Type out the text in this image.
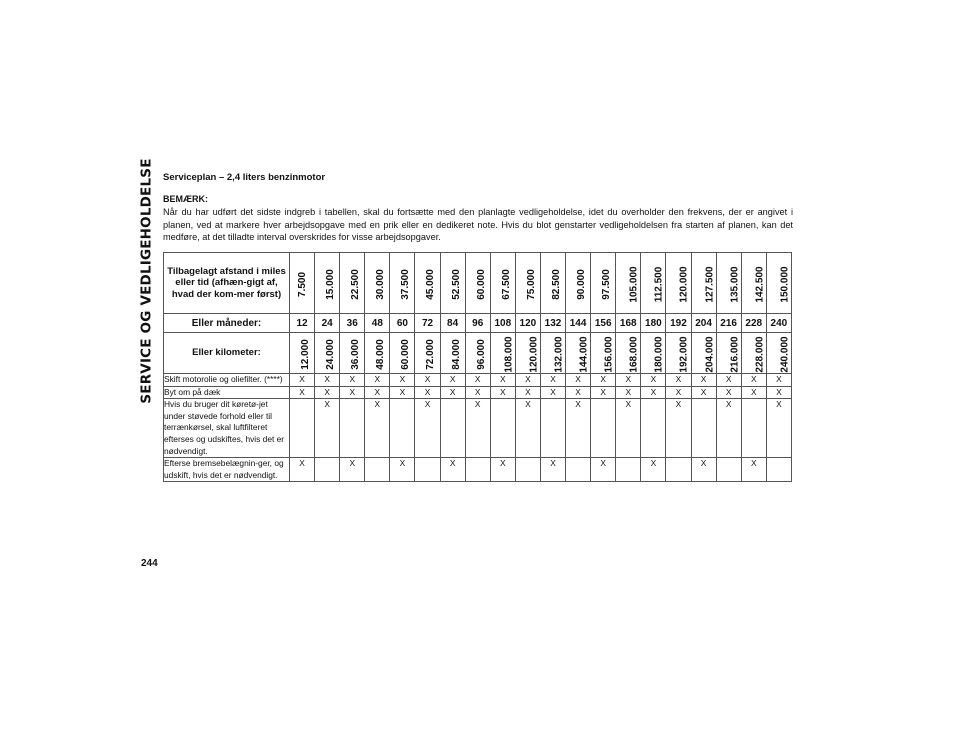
SERVICE OG VEDLIGEHOLDELSE
244
Serviceplan – 2,4 liters benzinmotor
BEMÆRK:
Når du har udført det sidste indgreb i tabellen, skal du fortsætte med den planlagte vedligeholdelse, idet du overholder den frekvens, der er angivet i planen, ved at markere hver arbejdsopgave med en prik eller en dedikeret note. Hvis du blot genstarter vedligeholdelsen fra starten af planen, kan det medføre, at det tilladte interval overskrides for visse arbejdsopgaver.
Tilbagelagt afstand i miles eller tid (afhæn-gigt af, hvad der kom-mer først)	7.500	15.000	22.500	30.000	37.500	45.000	52.500	60.000	67.500	75.000	82.500	90.000	97.500	105.000	112.500	120.000	127.500	135.000	142.500	150.000
Eller måneder:	12	24	36	48	60	72	84	96	108	120	132	144	156	168	180	192	204	216	228	240
Eller kilometer:	12.000	24.000	36.000	48.000	60.000	72.000	84.000	96.000	108.000	120.000	132.000	144.000	156.000	168.000	180.000	192.000	204.000	216.000	228.000	240.000
Skift motorolie og oliefilter. (****)	X	X	X	X	X	X	X	X	X	X	X	X	X	X	X	X	X	X	X	X
Byt om på dæk	X	X	X	X	X	X	X	X	X	X	X	X	X	X	X	X	X	X	X	X
Hvis du bruger dit køretø-jet under støvede forhold eller til terrænkørsel, skal luftfilteret efterses og udskiftes, hvis det er nødvendigt.		X		X		X		X		X		X		X		X		X		X
Efterse bremsebelægnin-ger, og udskift, hvis det er nødvendigt.	X		X		X		X		X		X		X		X		X		X	
